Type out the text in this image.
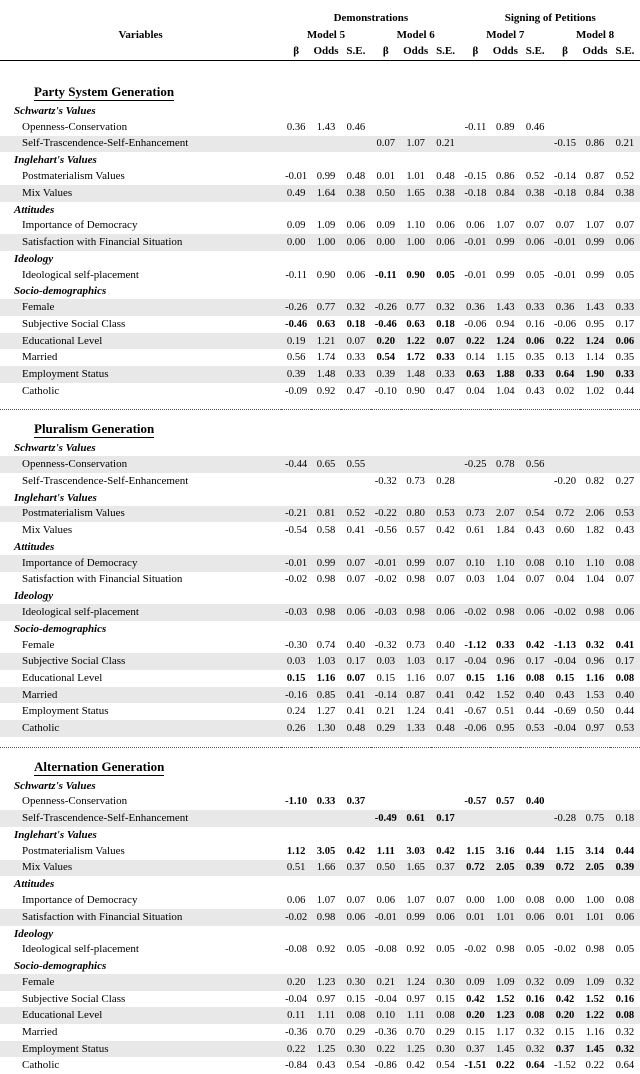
	Demonstrations						Signing of Petitions					
Variables	Model 5			Model 6			Model 7			Model 8		
	β	Odds	S.E.	β	Odds	S.E.	β	Odds	S.E.	β	Odds	S.E.

Party System Generation												
Schwartz's Values												
Openness-Conservation	0.36	1.43	0.46				-0.11	0.89	0.46			
Self-Trascendence-Self-Enhancement				0.07	1.07	0.21				-0.15	0.86	0.21
Inglehart's Values												
Postmaterialism Values	-0.01	0.99	0.48	0.01	1.01	0.48	-0.15	0.86	0.52	-0.14	0.87	0.52
Mix Values	0.49	1.64	0.38	0.50	1.65	0.38	-0.18	0.84	0.38	-0.18	0.84	0.38
Attitudes												
Importance of Democracy	0.09	1.09	0.06	0.09	1.10	0.06	0.06	1.07	0.07	0.07	1.07	0.07
Satisfaction with Financial Situation	0.00	1.00	0.06	0.00	1.00	0.06	-0.01	0.99	0.06	-0.01	0.99	0.06
Ideology												
Ideological self-placement	-0.11	0.90	0.06	-0.11	0.90	0.05	-0.01	0.99	0.05	-0.01	0.99	0.05
Socio-demographics												
Female	-0.26	0.77	0.32	-0.26	0.77	0.32	0.36	1.43	0.33	0.36	1.43	0.33
Subjective Social Class	-0.46	0.63	0.18	-0.46	0.63	0.18	-0.06	0.94	0.16	-0.06	0.95	0.17
Educational Level	0.19	1.21	0.07	0.20	1.22	0.07	0.22	1.24	0.06	0.22	1.24	0.06
Married	0.56	1.74	0.33	0.54	1.72	0.33	0.14	1.15	0.35	0.13	1.14	0.35
Employment Status	0.39	1.48	0.33	0.39	1.48	0.33	0.63	1.88	0.33	0.64	1.90	0.33
Catholic	-0.09	0.92	0.47	-0.10	0.90	0.47	0.04	1.04	0.43	0.02	1.02	0.44

Pluralism Generation												
Schwartz's Values												
Openness-Conservation	-0.44	0.65	0.55				-0.25	0.78	0.56			
Self-Trascendence-Self-Enhancement				-0.32	0.73	0.28				-0.20	0.82	0.27
Inglehart's Values												
Postmaterialism Values	-0.21	0.81	0.52	-0.22	0.80	0.53	0.73	2.07	0.54	0.72	2.06	0.53
Mix Values	-0.54	0.58	0.41	-0.56	0.57	0.42	0.61	1.84	0.43	0.60	1.82	0.43
Attitudes												
Importance of Democracy	-0.01	0.99	0.07	-0.01	0.99	0.07	0.10	1.10	0.08	0.10	1.10	0.08
Satisfaction with Financial Situation	-0.02	0.98	0.07	-0.02	0.98	0.07	0.03	1.04	0.07	0.04	1.04	0.07
Ideology												
Ideological self-placement	-0.03	0.98	0.06	-0.03	0.98	0.06	-0.02	0.98	0.06	-0.02	0.98	0.06
Socio-demographics												
Female	-0.30	0.74	0.40	-0.32	0.73	0.40	-1.12	0.33	0.42	-1.13	0.32	0.41
Subjective Social Class	0.03	1.03	0.17	0.03	1.03	0.17	-0.04	0.96	0.17	-0.04	0.96	0.17
Educational Level	0.15	1.16	0.07	0.15	1.16	0.07	0.15	1.16	0.08	0.15	1.16	0.08
Married	-0.16	0.85	0.41	-0.14	0.87	0.41	0.42	1.52	0.40	0.43	1.53	0.40
Employment Status	0.24	1.27	0.41	0.21	1.24	0.41	-0.67	0.51	0.44	-0.69	0.50	0.44
Catholic	0.26	1.30	0.48	0.29	1.33	0.48	-0.06	0.95	0.53	-0.04	0.97	0.53

Alternation Generation												
Schwartz's Values												
Openness-Conservation	-1.10	0.33	0.37				-0.57	0.57	0.40			
Self-Trascendence-Self-Enhancement				-0.49	0.61	0.17				-0.28	0.75	0.18
Inglehart's Values												
Postmaterialism Values	1.12	3.05	0.42	1.11	3.03	0.42	1.15	3.16	0.44	1.15	3.14	0.44
Mix Values	0.51	1.66	0.37	0.50	1.65	0.37	0.72	2.05	0.39	0.72	2.05	0.39
Attitudes												
Importance of Democracy	0.06	1.07	0.07	0.06	1.07	0.07	0.00	1.00	0.08	0.00	1.00	0.08
Satisfaction with Financial Situation	-0.02	0.98	0.06	-0.01	0.99	0.06	0.01	1.01	0.06	0.01	1.01	0.06
Ideology												
Ideological self-placement	-0.08	0.92	0.05	-0.08	0.92	0.05	-0.02	0.98	0.05	-0.02	0.98	0.05
Socio-demographics												
Female	0.20	1.23	0.30	0.21	1.24	0.30	0.09	1.09	0.32	0.09	1.09	0.32
Subjective Social Class	-0.04	0.97	0.15	-0.04	0.97	0.15	0.42	1.52	0.16	0.42	1.52	0.16
Educational Level	0.11	1.11	0.08	0.10	1.11	0.08	0.20	1.23	0.08	0.20	1.22	0.08
Married	-0.36	0.70	0.29	-0.36	0.70	0.29	0.15	1.17	0.32	0.15	1.16	0.32
Employment Status	0.22	1.25	0.30	0.22	1.25	0.30	0.37	1.45	0.32	0.37	1.45	0.32
Catholic	-0.84	0.43	0.54	-0.86	0.42	0.54	-1.51	0.22	0.64	-1.52	0.22	0.64
